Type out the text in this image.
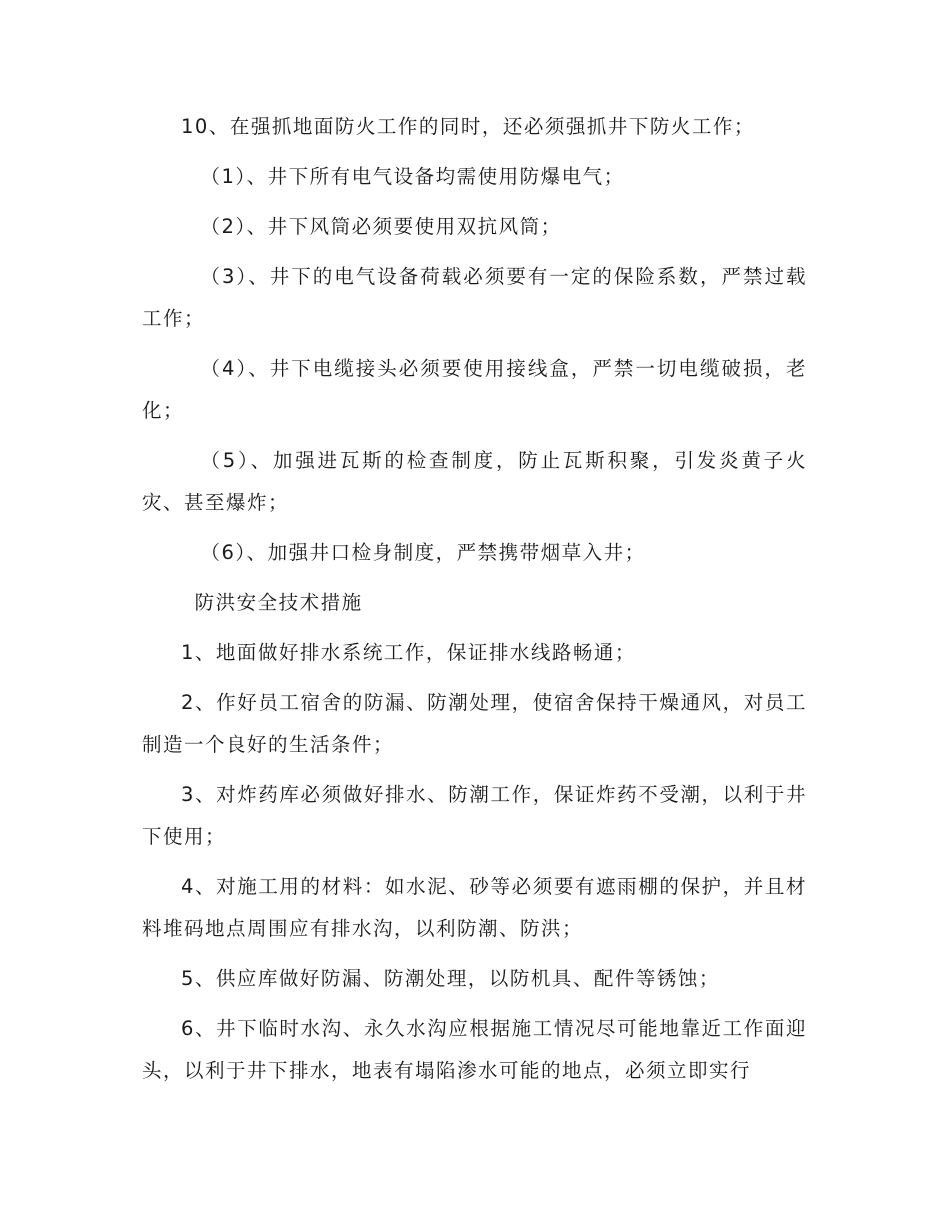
10、在强抓地面防火工作的同时，还必须强抓井下防火工作；

（1）、井下所有电气设备均需使用防爆电气；

（2）、井下风筒必须要使用双抗风筒；

（3）、井下的电气设备荷载必须要有一定的保险系数，严禁过载工作；

（4）、井下电缆接头必须要使用接线盒，严禁一切电缆破损，老化；

（5）、加强进瓦斯的检查制度，防止瓦斯积聚，引发炎黄子火灾、甚至爆炸；

（6）、加强井口检身制度，严禁携带烟草入井；

防洪安全技术措施

1、地面做好排水系统工作，保证排水线路畅通；

2、作好员工宿舍的防漏、防潮处理，使宿舍保持干燥通风，对员工制造一个良好的生活条件；

3、对炸药库必须做好排水、防潮工作，保证炸药不受潮，以利于井下使用；

4、对施工用的材料：如水泥、砂等必须要有遮雨棚的保护，并且材料堆码地点周围应有排水沟，以利防潮、防洪；

5、供应库做好防漏、防潮处理，以防机具、配件等锈蚀；

6、井下临时水沟、永久水沟应根据施工情况尽可能地靠近工作面迎头，以利于井下排水，地表有塌陷渗水可能的地点，必须立即实行
